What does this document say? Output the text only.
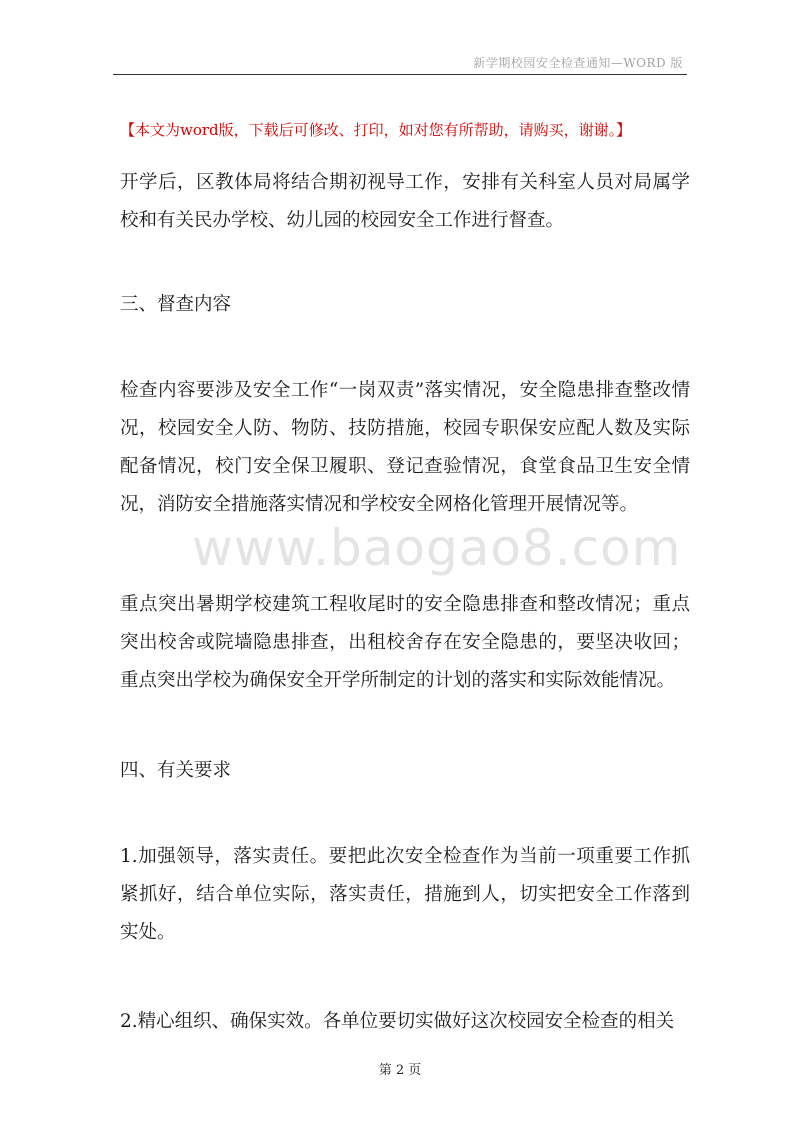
新学期校园安全检查通知—WORD 版
【本文为word版，下载后可修改、打印，如对您有所帮助，请购买，谢谢。】

开学后，区教体局将结合期初视导工作，安排有关科室人员对局属学校和有关民办学校、幼儿园的校园安全工作进行督查。

三、督查内容

检查内容要涉及安全工作“一岗双责”落实情况，安全隐患排查整改情况，校园安全人防、物防、技防措施，校园专职保安应配人数及实际配备情况，校门安全保卫履职、登记查验情况，食堂食品卫生安全情况，消防安全措施落实情况和学校安全网格化管理开展情况等。

www.baogao8.com

重点突出暑期学校建筑工程收尾时的安全隐患排查和整改情况；重点突出校舍或院墙隐患排查，出租校舍存在安全隐患的，要坚决收回；重点突出学校为确保安全开学所制定的计划的落实和实际效能情况。

四、有关要求

1.加强领导，落实责任。要把此次安全检查作为当前一项重要工作抓紧抓好，结合单位实际，落实责任，措施到人，切实把安全工作落到实处。

2.精心组织、确保实效。各单位要切实做好这次校园安全检查的相关

第 2 页
